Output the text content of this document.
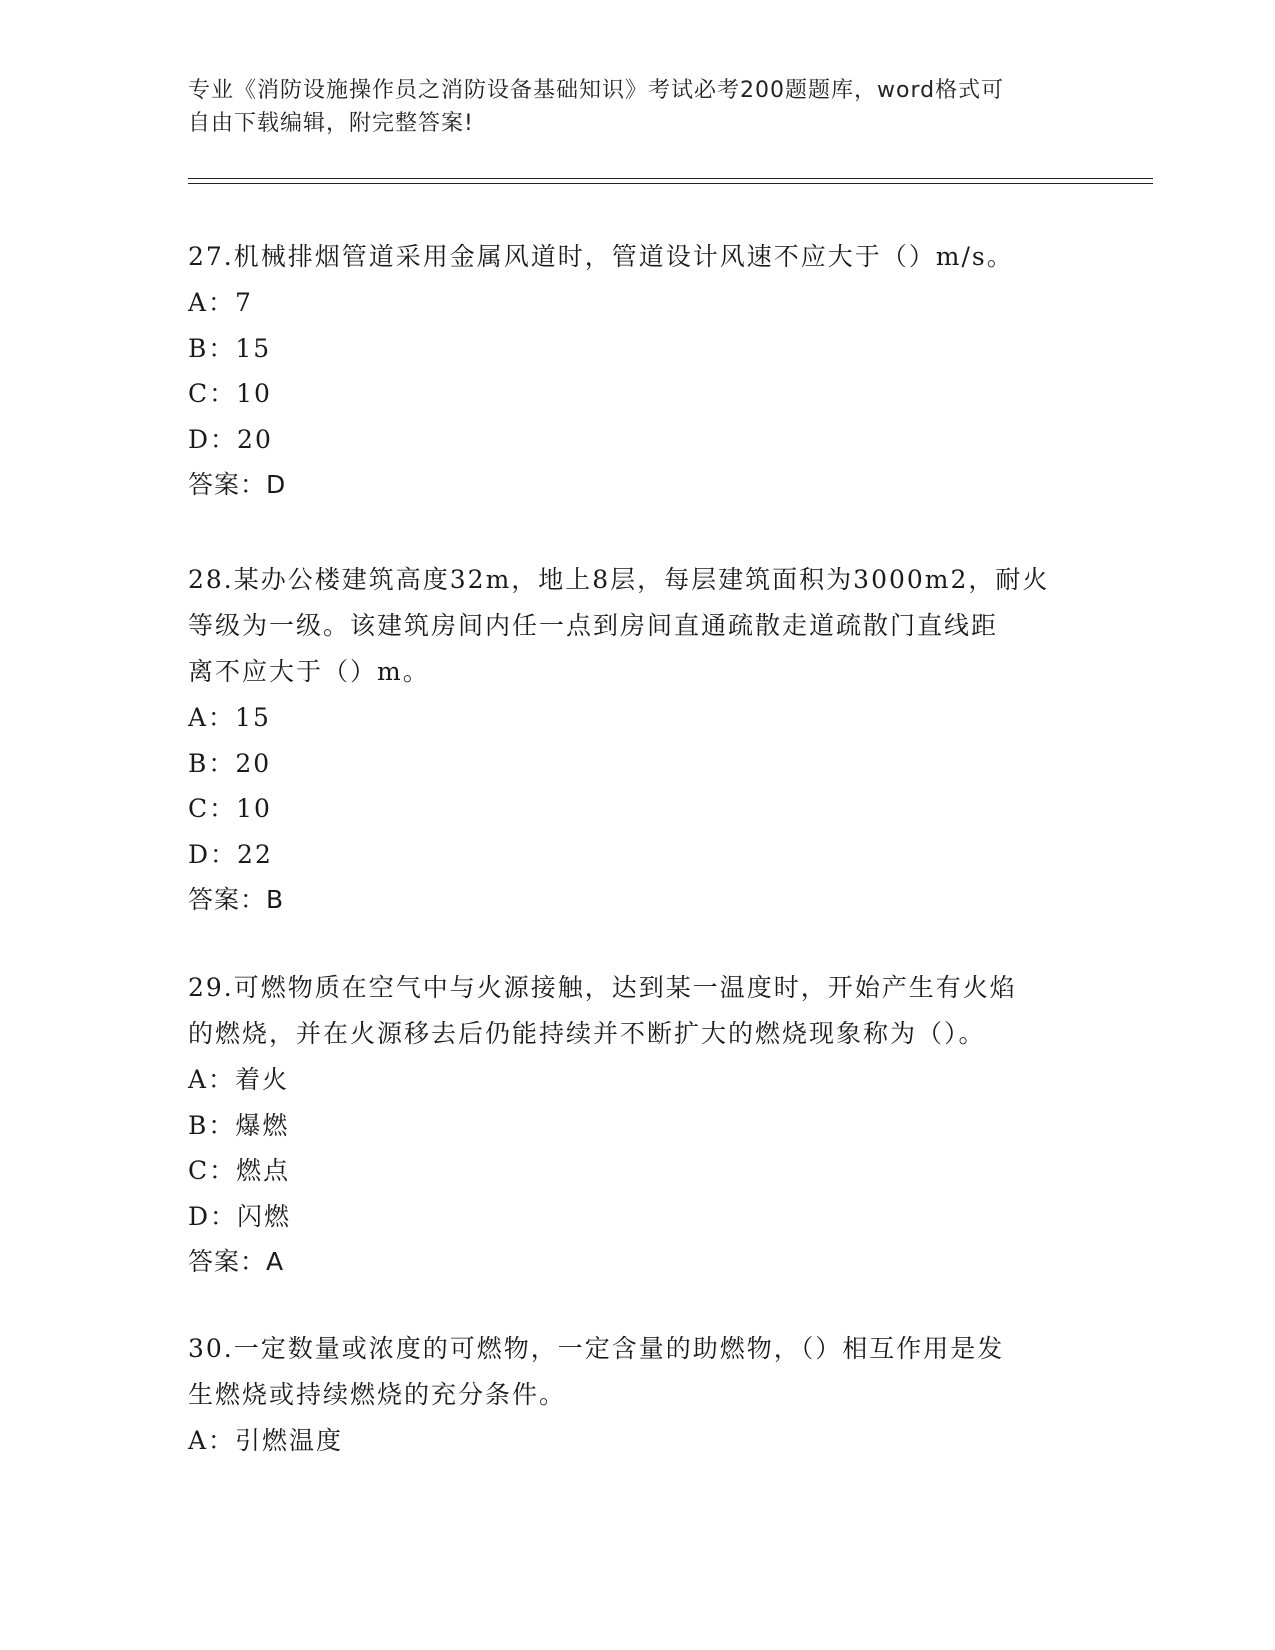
专业《消防设施操作员之消防设备基础知识》考试必考200题题库，word格式可
自由下载编辑，附完整答案!

27.机械排烟管道采用金属风道时，管道设计风速不应大于（）m/s。

A：7

B：15

C：10

D：20

答案：D

28.某办公楼建筑高度32m，地上8层，每层建筑面积为3000m2，耐火

等级为一级。该建筑房间内任一点到房间直通疏散走道疏散门直线距

离不应大于（）m。

A：15

B：20

C：10

D：22

答案：B

29.可燃物质在空气中与火源接触，达到某一温度时，开始产生有火焰

的燃烧，并在火源移去后仍能持续并不断扩大的燃烧现象称为（）。

A：着火

B：爆燃

C：燃点

D：闪燃

答案：A

30.一定数量或浓度的可燃物，一定含量的助燃物，（）相互作用是发

生燃烧或持续燃烧的充分条件。

A：引燃温度
